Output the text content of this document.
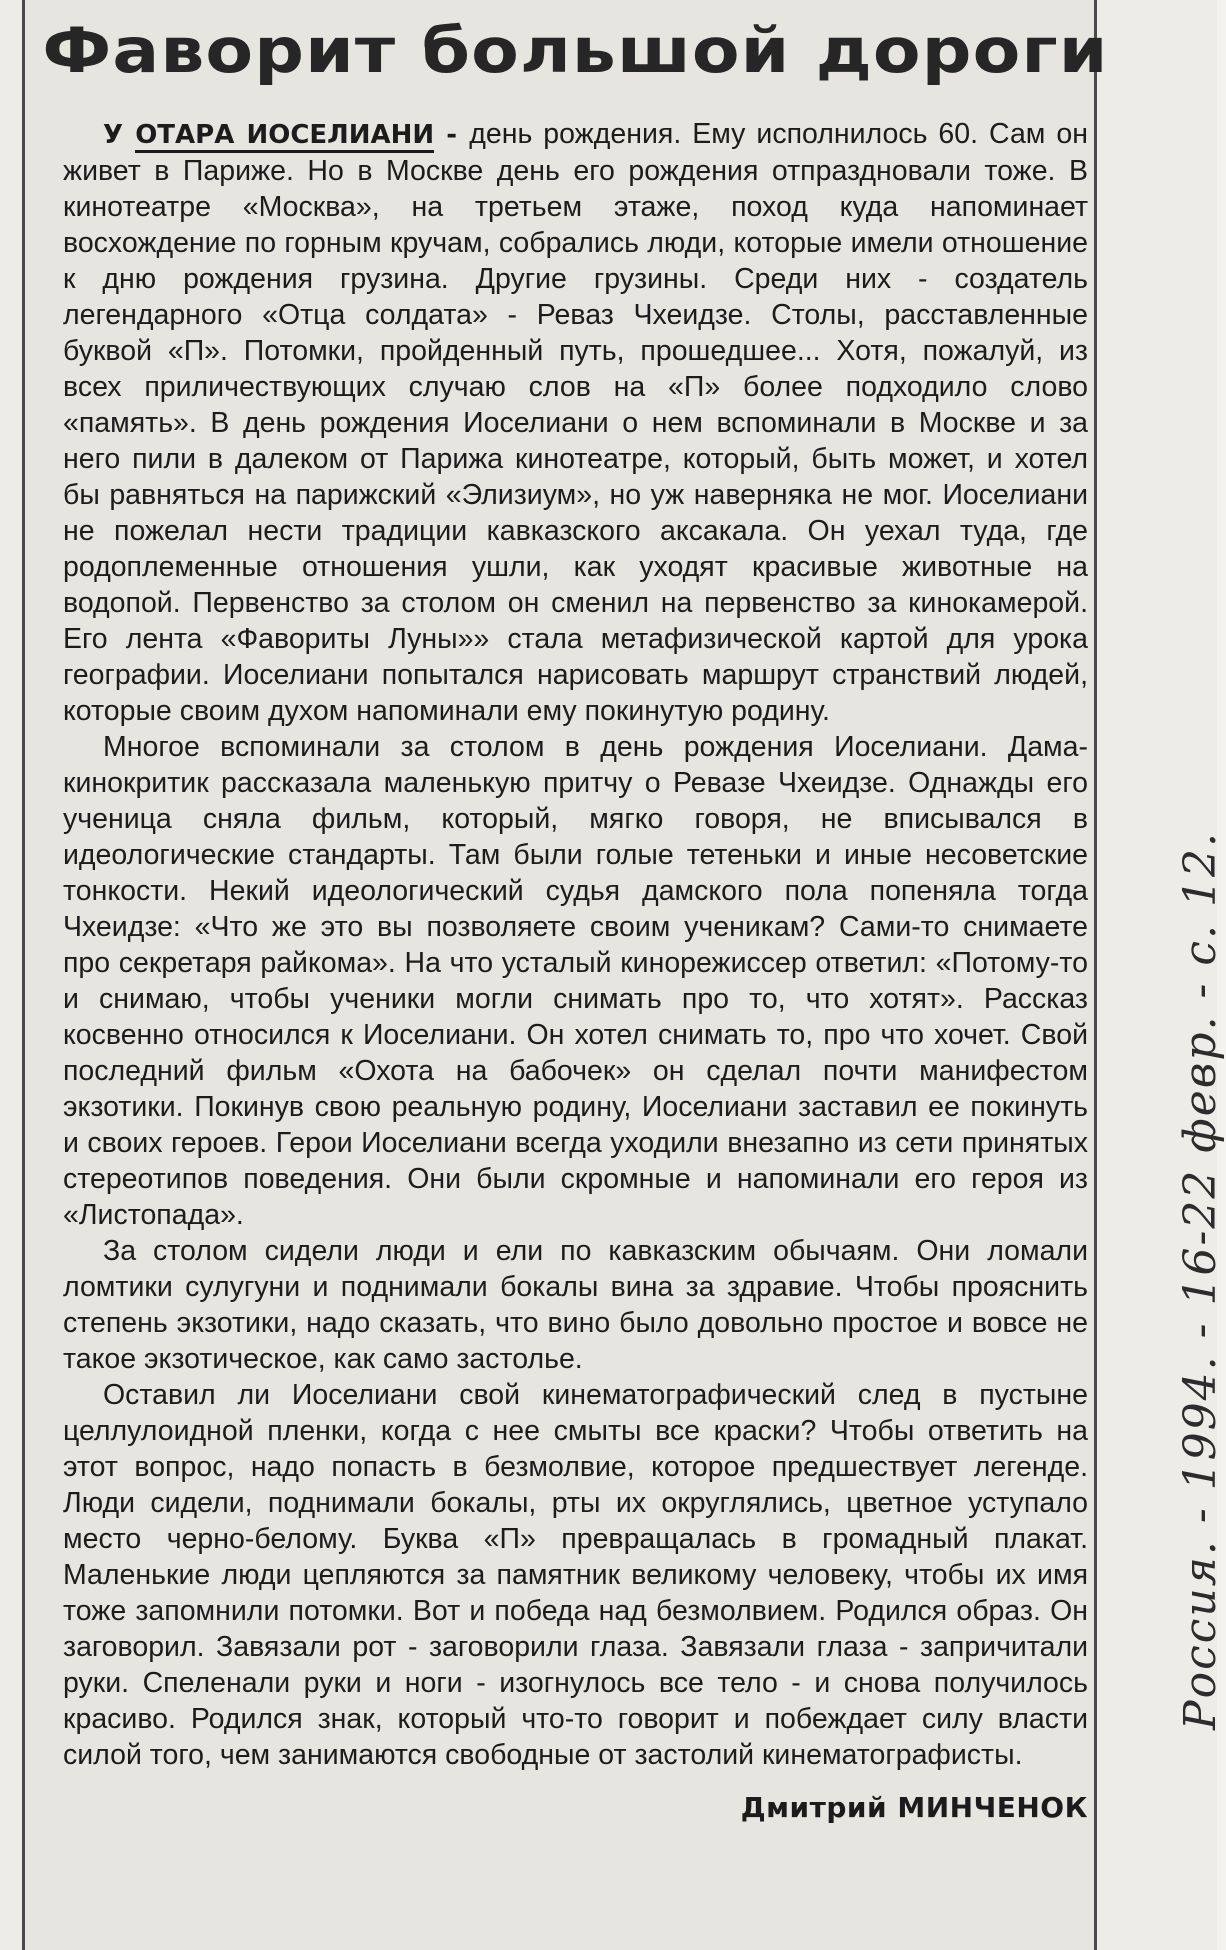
Фаворит большой дороги

У ОТАРА ИОСЕЛИАНИ - день рождения. Ему исполнилось 60. Сам он живет в Париже. Но в Москве день его рождения отпраздновали тоже. В кинотеатре «Москва», на третьем этаже, поход куда напоминает восхождение по горным кручам, собрались люди, которые имели отношение к дню рождения грузина. Другие грузины. Среди них - создатель легендарного «Отца солдата» - Реваз Чхеидзе. Столы, расставленные буквой «П». Потомки, пройденный путь, прошедшее... Хотя, пожалуй, из всех приличествующих случаю слов на «П» более подходило слово «память». В день рождения Иоселиани о нем вспоминали в Москве и за него пили в далеком от Парижа кинотеатре, который, быть может, и хотел бы равняться на парижский «Элизиум», но уж наверняка не мог. Иоселиани не пожелал нести традиции кавказского аксакала. Он уехал туда, где родоплеменные отношения ушли, как уходят красивые животные на водопой. Первенство за столом он сменил на первенство за кинокамерой. Его лента «Фавориты Луны»» стала метафизической картой для урока географии. Иоселиани попытался нарисовать маршрут странствий людей, которые своим духом напоминали ему покинутую родину.

Многое вспоминали за столом в день рождения Иоселиани. Дама-кинокритик рассказала маленькую притчу о Ревазе Чхеидзе. Однажды его ученица сняла фильм, который, мягко говоря, не вписывался в идеологические стандарты. Там были голые тетеньки и иные несоветские тонкости. Некий идеологический судья дамского пола попеняла тогда Чхеидзе: «Что же это вы позволяете своим ученикам? Сами-то снимаете про секретаря райкома». На что усталый кинорежиссер ответил: «Потому-то и снимаю, чтобы ученики могли снимать про то, что хотят». Рассказ косвенно относился к Иоселиани. Он хотел снимать то, про что хочет. Свой последний фильм «Охота на бабочек» он сделал почти манифестом экзотики. Покинув свою реальную родину, Иоселиани заставил ее покинуть и своих героев. Герои Иоселиани всегда уходили внезапно из сети принятых стереотипов поведения. Они были скромные и напоминали его героя из «Листопада».

За столом сидели люди и ели по кавказским обычаям. Они ломали ломтики сулугуни и поднимали бокалы вина за здравие. Чтобы прояснить степень экзотики, надо сказать, что вино было довольно простое и вовсе не такое экзотическое, как само застолье.

Оставил ли Иоселиани свой кинематографический след в пустыне целлулоидной пленки, когда с нее смыты все краски? Чтобы ответить на этот вопрос, надо попасть в безмолвие, которое предшествует легенде. Люди сидели, поднимали бокалы, рты их округлялись, цветное уступало место черно-белому. Буква «П» превращалась в громадный плакат. Маленькие люди цепляются за памятник великому человеку, чтобы их имя тоже запомнили потомки. Вот и победа над безмолвием. Родился образ. Он заговорил. Завязали рот - заговорили глаза. Завязали глаза - запричитали руки. Спеленали руки и ноги - изогнулось все тело - и снова получилось красиво. Родился знак, который что-то говорит и побеждает силу власти силой того, чем занимаются свободные от застолий кинематографисты.

Дмитрий МИНЧЕНОК
Россия. - 1994. - 16-22 февр. - с. 12.
